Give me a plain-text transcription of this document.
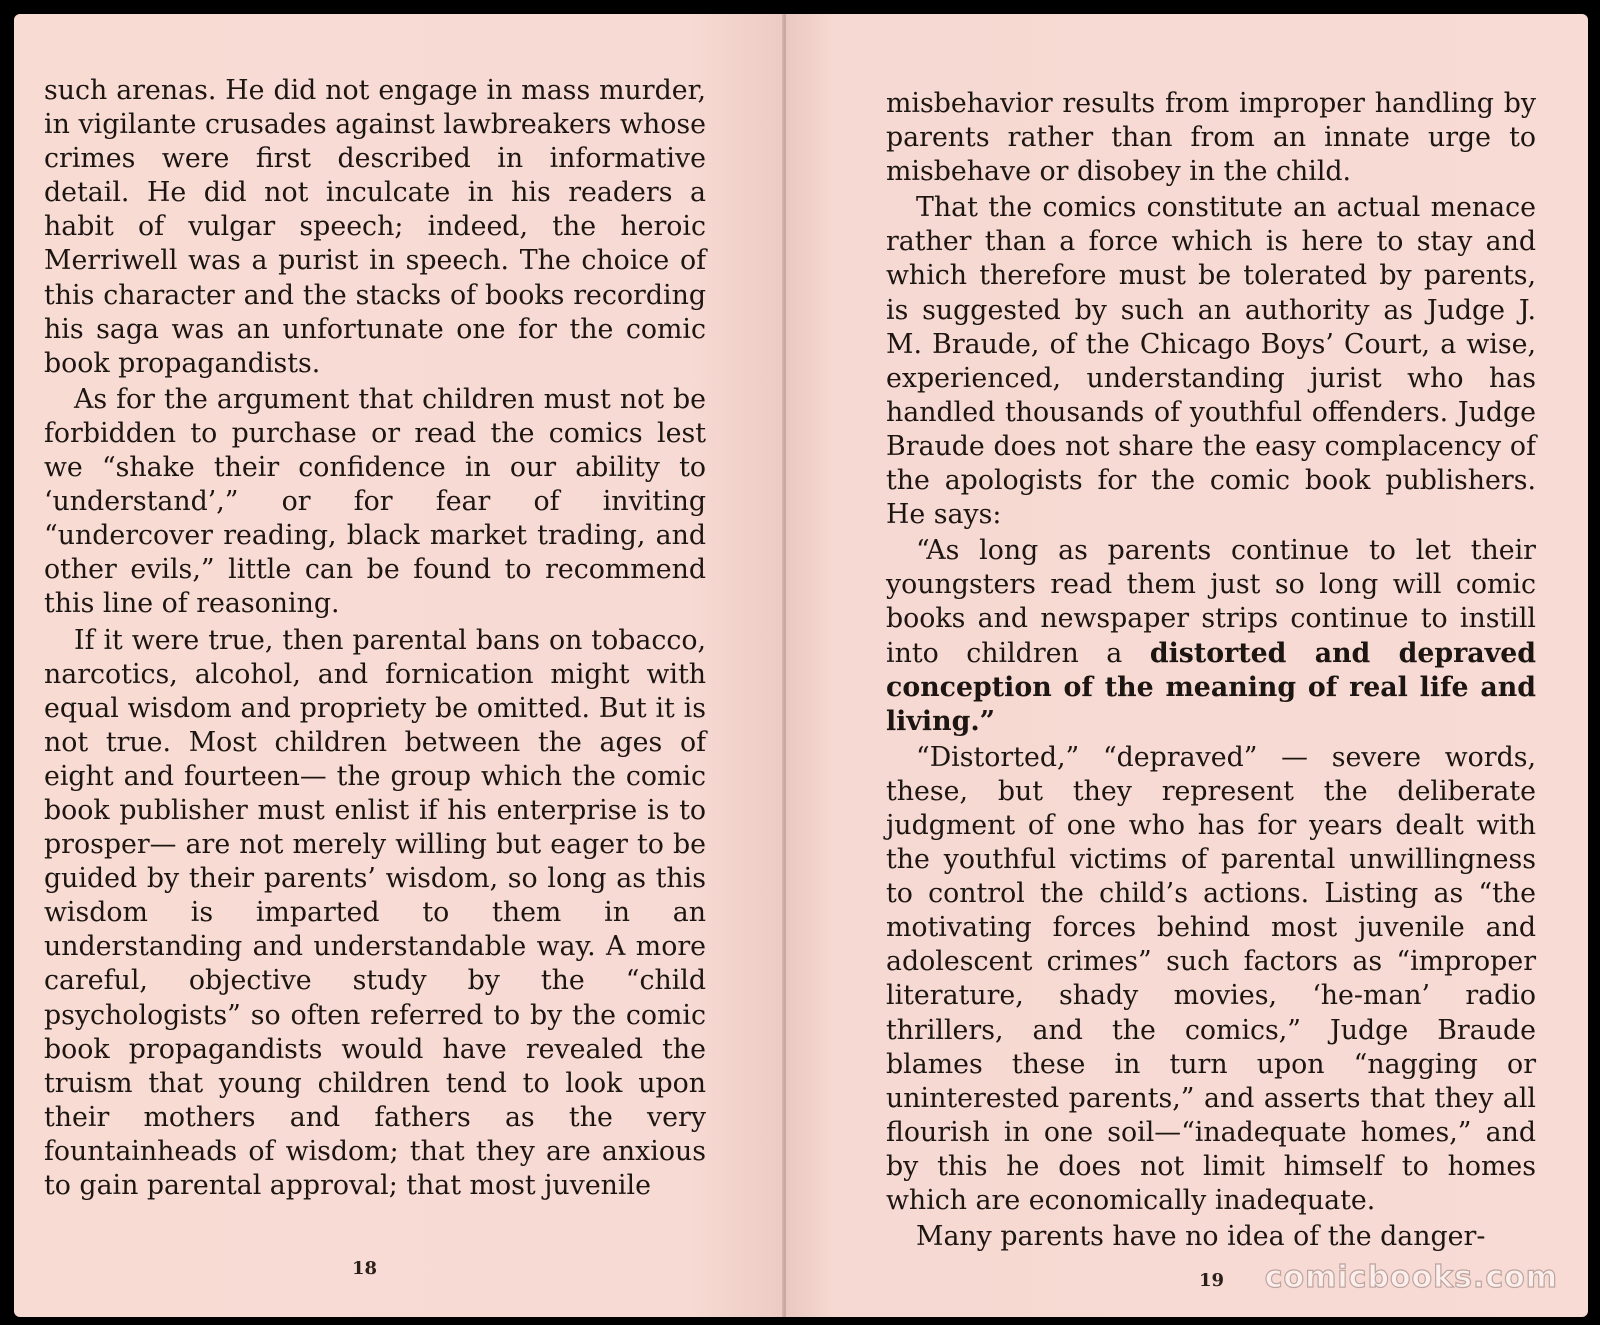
such arenas. He did not engage in mass murder, in vigilante crusades against lawbreakers whose crimes were first described in informative detail. He did not inculcate in his readers a habit of vulgar speech; indeed, the heroic Merriwell was a purist in speech. The choice of this character and the stacks of books recording his saga was an unfortunate one for the comic book propagandists.

As for the argument that children must not be forbidden to purchase or read the comics lest we “shake their confidence in our ability to ‘understand’,” or for fear of inviting “undercover reading, black market trading, and other evils,” little can be found to recommend this line of reasoning.

If it were true, then parental bans on tobacco, narcotics, alcohol, and fornication might with equal wisdom and propriety be omitted. But it is not true. Most children between the ages of eight and fourteen— the group which the comic book publisher must enlist if his enterprise is to prosper— are not merely willing but eager to be guided by their parents’ wisdom, so long as this wisdom is imparted to them in an understanding and understandable way. A more careful, objective study by the “child psychologists” so often referred to by the comic book propagandists would have revealed the truism that young children tend to look upon their mothers and fathers as the very fountainheads of wisdom; that they are anxious to gain parental approval; that most juvenile

18

misbehavior results from improper handling by parents rather than from an innate urge to misbehave or disobey in the child.

That the comics constitute an actual menace rather than a force which is here to stay and which therefore must be tolerated by parents, is suggested by such an authority as Judge J. M. Braude, of the Chicago Boys’ Court, a wise, experienced, understanding jurist who has handled thousands of youthful offenders. Judge Braude does not share the easy complacency of the apologists for the comic book publishers. He says:

“As long as parents continue to let their youngsters read them just so long will comic books and newspaper strips continue to instill into children a distorted and depraved conception of the meaning of real life and living.”

“Distorted,” “depraved” — severe words, these, but they represent the deliberate judgment of one who has for years dealt with the youthful victims of parental unwillingness to control the child’s actions. Listing as “the motivating forces behind most juvenile and adolescent crimes” such factors as “improper literature, shady movies, ‘he-man’ radio thrillers, and the comics,” Judge Braude blames these in turn upon “nagging or uninterested parents,” and asserts that they all flourish in one soil—“inadequate homes,” and by this he does not limit himself to homes which are economically inadequate.

Many parents have no idea of the danger-

19 comicbooks.com
